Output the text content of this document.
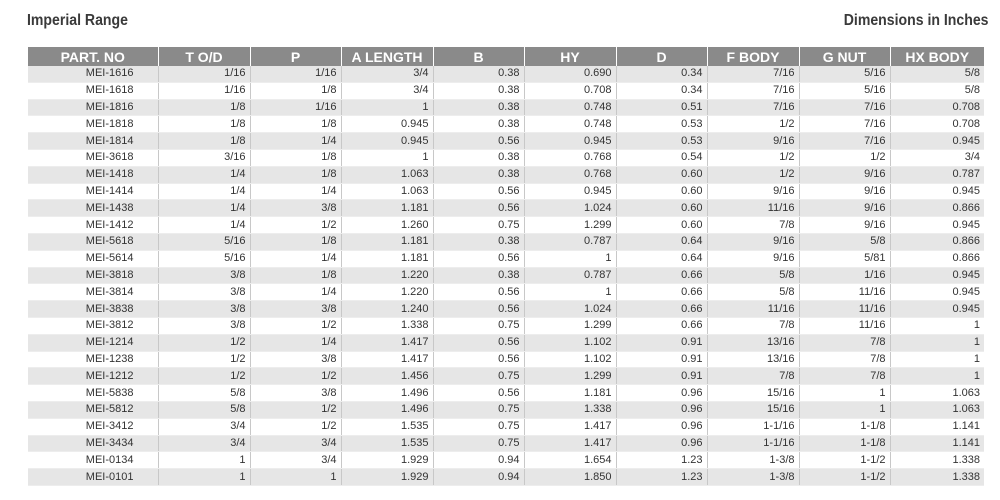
Imperial Range	Dimensions in Inches
PART. NO	T O/D	P	A LENGTH	B	HY	D	F BODY	G NUT	HX BODY
MEI-1616	1/16	1/16	3/4	0.38	0.690	0.34	7/16	5/16	5/8
MEI-1618	1/16	1/8	3/4	0.38	0.708	0.34	7/16	5/16	5/8
MEI-1816	1/8	1/16	1	0.38	0.748	0.51	7/16	7/16	0.708
MEI-1818	1/8	1/8	0.945	0.38	0.748	0.53	1/2	7/16	0.708
MEI-1814	1/8	1/4	0.945	0.56	0.945	0.53	9/16	7/16	0.945
MEI-3618	3/16	1/8	1	0.38	0.768	0.54	1/2	1/2	3/4
MEI-1418	1/4	1/8	1.063	0.38	0.768	0.60	1/2	9/16	0.787
MEI-1414	1/4	1/4	1.063	0.56	0.945	0.60	9/16	9/16	0.945
MEI-1438	1/4	3/8	1.181	0.56	1.024	0.60	11/16	9/16	0.866
MEI-1412	1/4	1/2	1.260	0.75	1.299	0.60	7/8	9/16	0.945
MEI-5618	5/16	1/8	1.181	0.38	0.787	0.64	9/16	5/8	0.866
MEI-5614	5/16	1/4	1.181	0.56	1	0.64	9/16	5/81	0.866
MEI-3818	3/8	1/8	1.220	0.38	0.787	0.66	5/8	1/16	0.945
MEI-3814	3/8	1/4	1.220	0.56	1	0.66	5/8	11/16	0.945
MEI-3838	3/8	3/8	1.240	0.56	1.024	0.66	11/16	11/16	0.945
MEI-3812	3/8	1/2	1.338	0.75	1.299	0.66	7/8	11/16	1
MEI-1214	1/2	1/4	1.417	0.56	1.102	0.91	13/16	7/8	1
MEI-1238	1/2	3/8	1.417	0.56	1.102	0.91	13/16	7/8	1
MEI-1212	1/2	1/2	1.456	0.75	1.299	0.91	7/8	7/8	1
MEI-5838	5/8	3/8	1.496	0.56	1.181	0.96	15/16	1	1.063
MEI-5812	5/8	1/2	1.496	0.75	1.338	0.96	15/16	1	1.063
MEI-3412	3/4	1/2	1.535	0.75	1.417	0.96	1-1/16	1-1/8	1.141
MEI-3434	3/4	3/4	1.535	0.75	1.417	0.96	1-1/16	1-1/8	1.141
MEI-0134	1	3/4	1.929	0.94	1.654	1.23	1-3/8	1-1/2	1.338
MEI-0101	1	1	1.929	0.94	1.850	1.23	1-3/8	1-1/2	1.338
